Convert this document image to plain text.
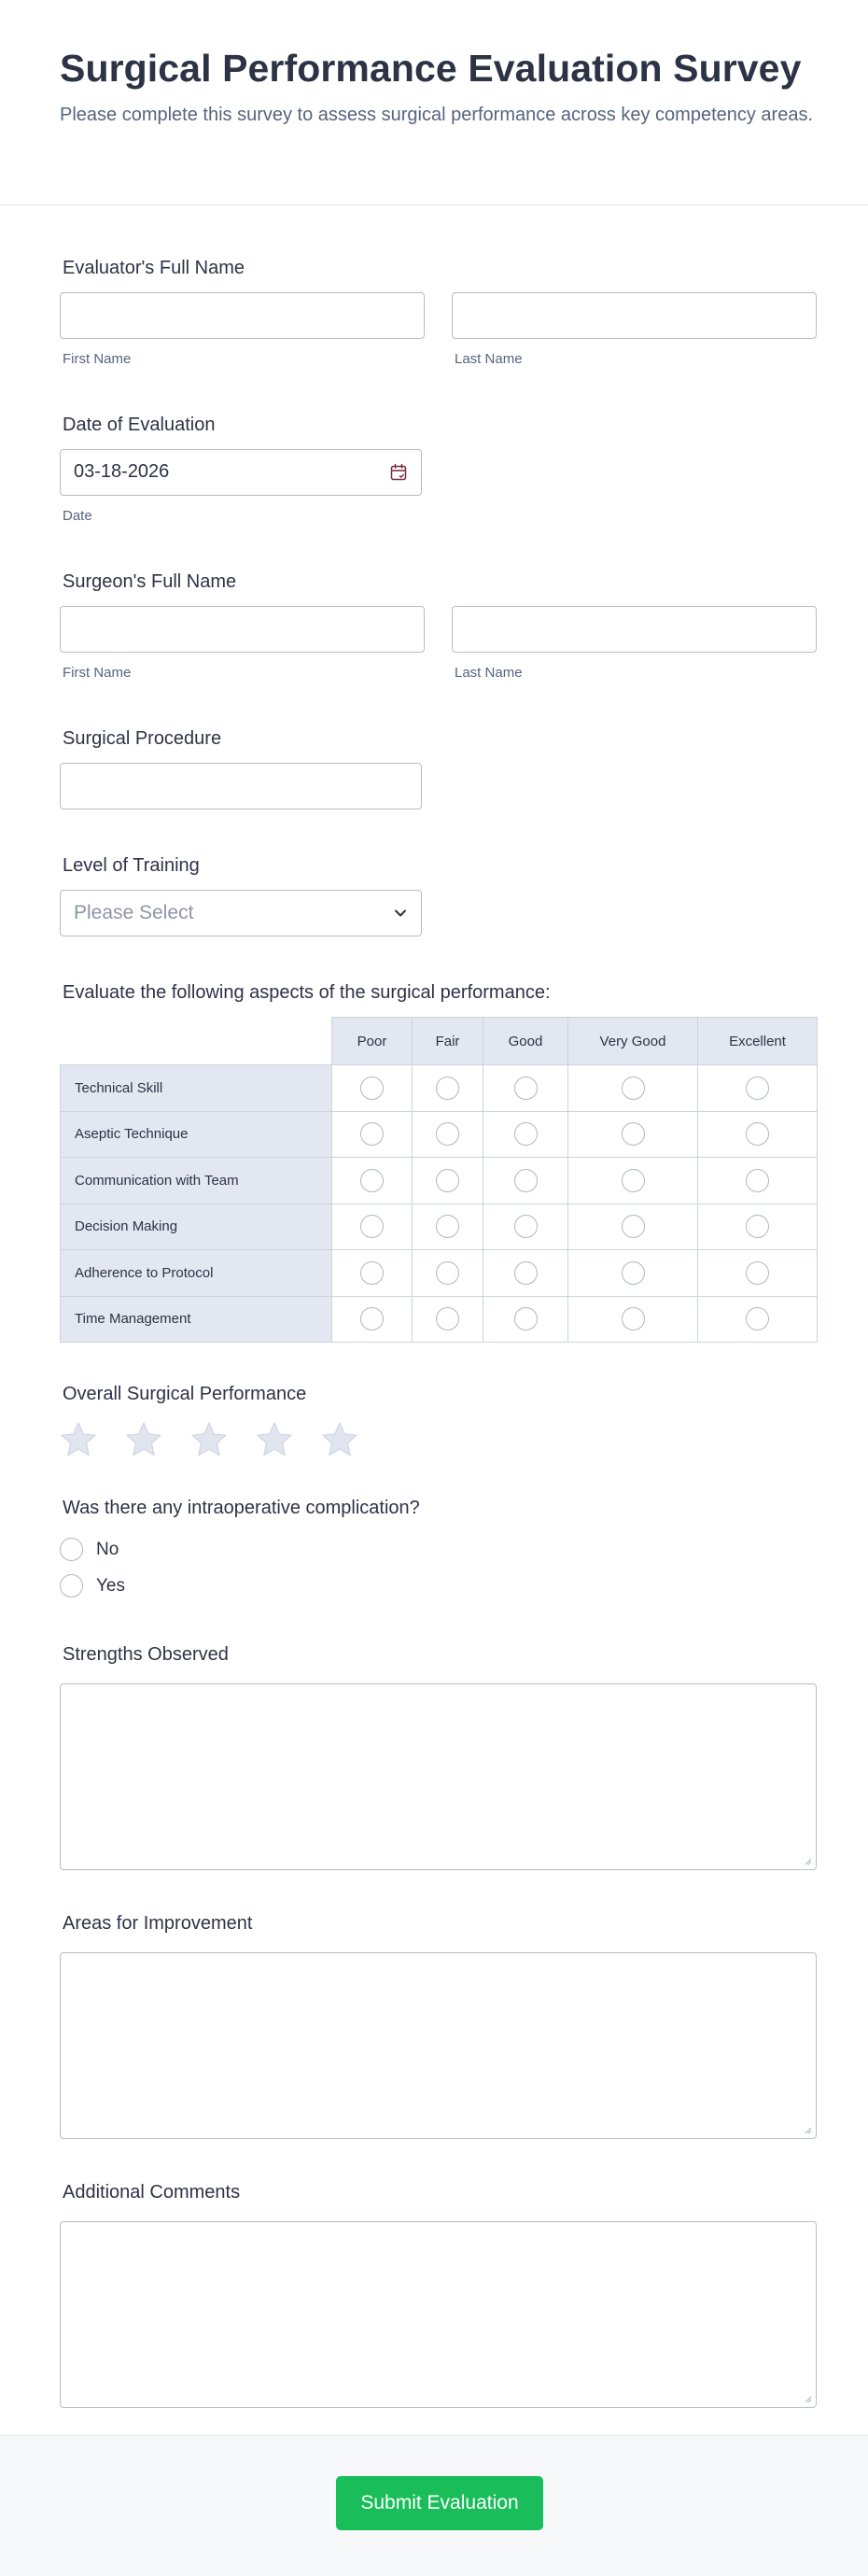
Surgical Performance Evaluation Survey

Please complete this survey to assess surgical performance across key competency areas.

Evaluator's Full Name
First Name	Last Name
Date of Evaluation
03-18-2026
Date
Surgeon's Full Name
First Name	Last Name
Surgical Procedure
Level of Training
Please Select
Evaluate the following aspects of the surgical performance:
	Poor	Fair	Good	Very Good	Excellent
Technical Skill					
Aseptic Technique					
Communication with Team					
Decision Making					
Adherence to Protocol					
Time Management					
Overall Surgical Performance
Was there any intraoperative complication?
No
Yes
Strengths Observed
Areas for Improvement
Additional Comments
Submit Evaluation
